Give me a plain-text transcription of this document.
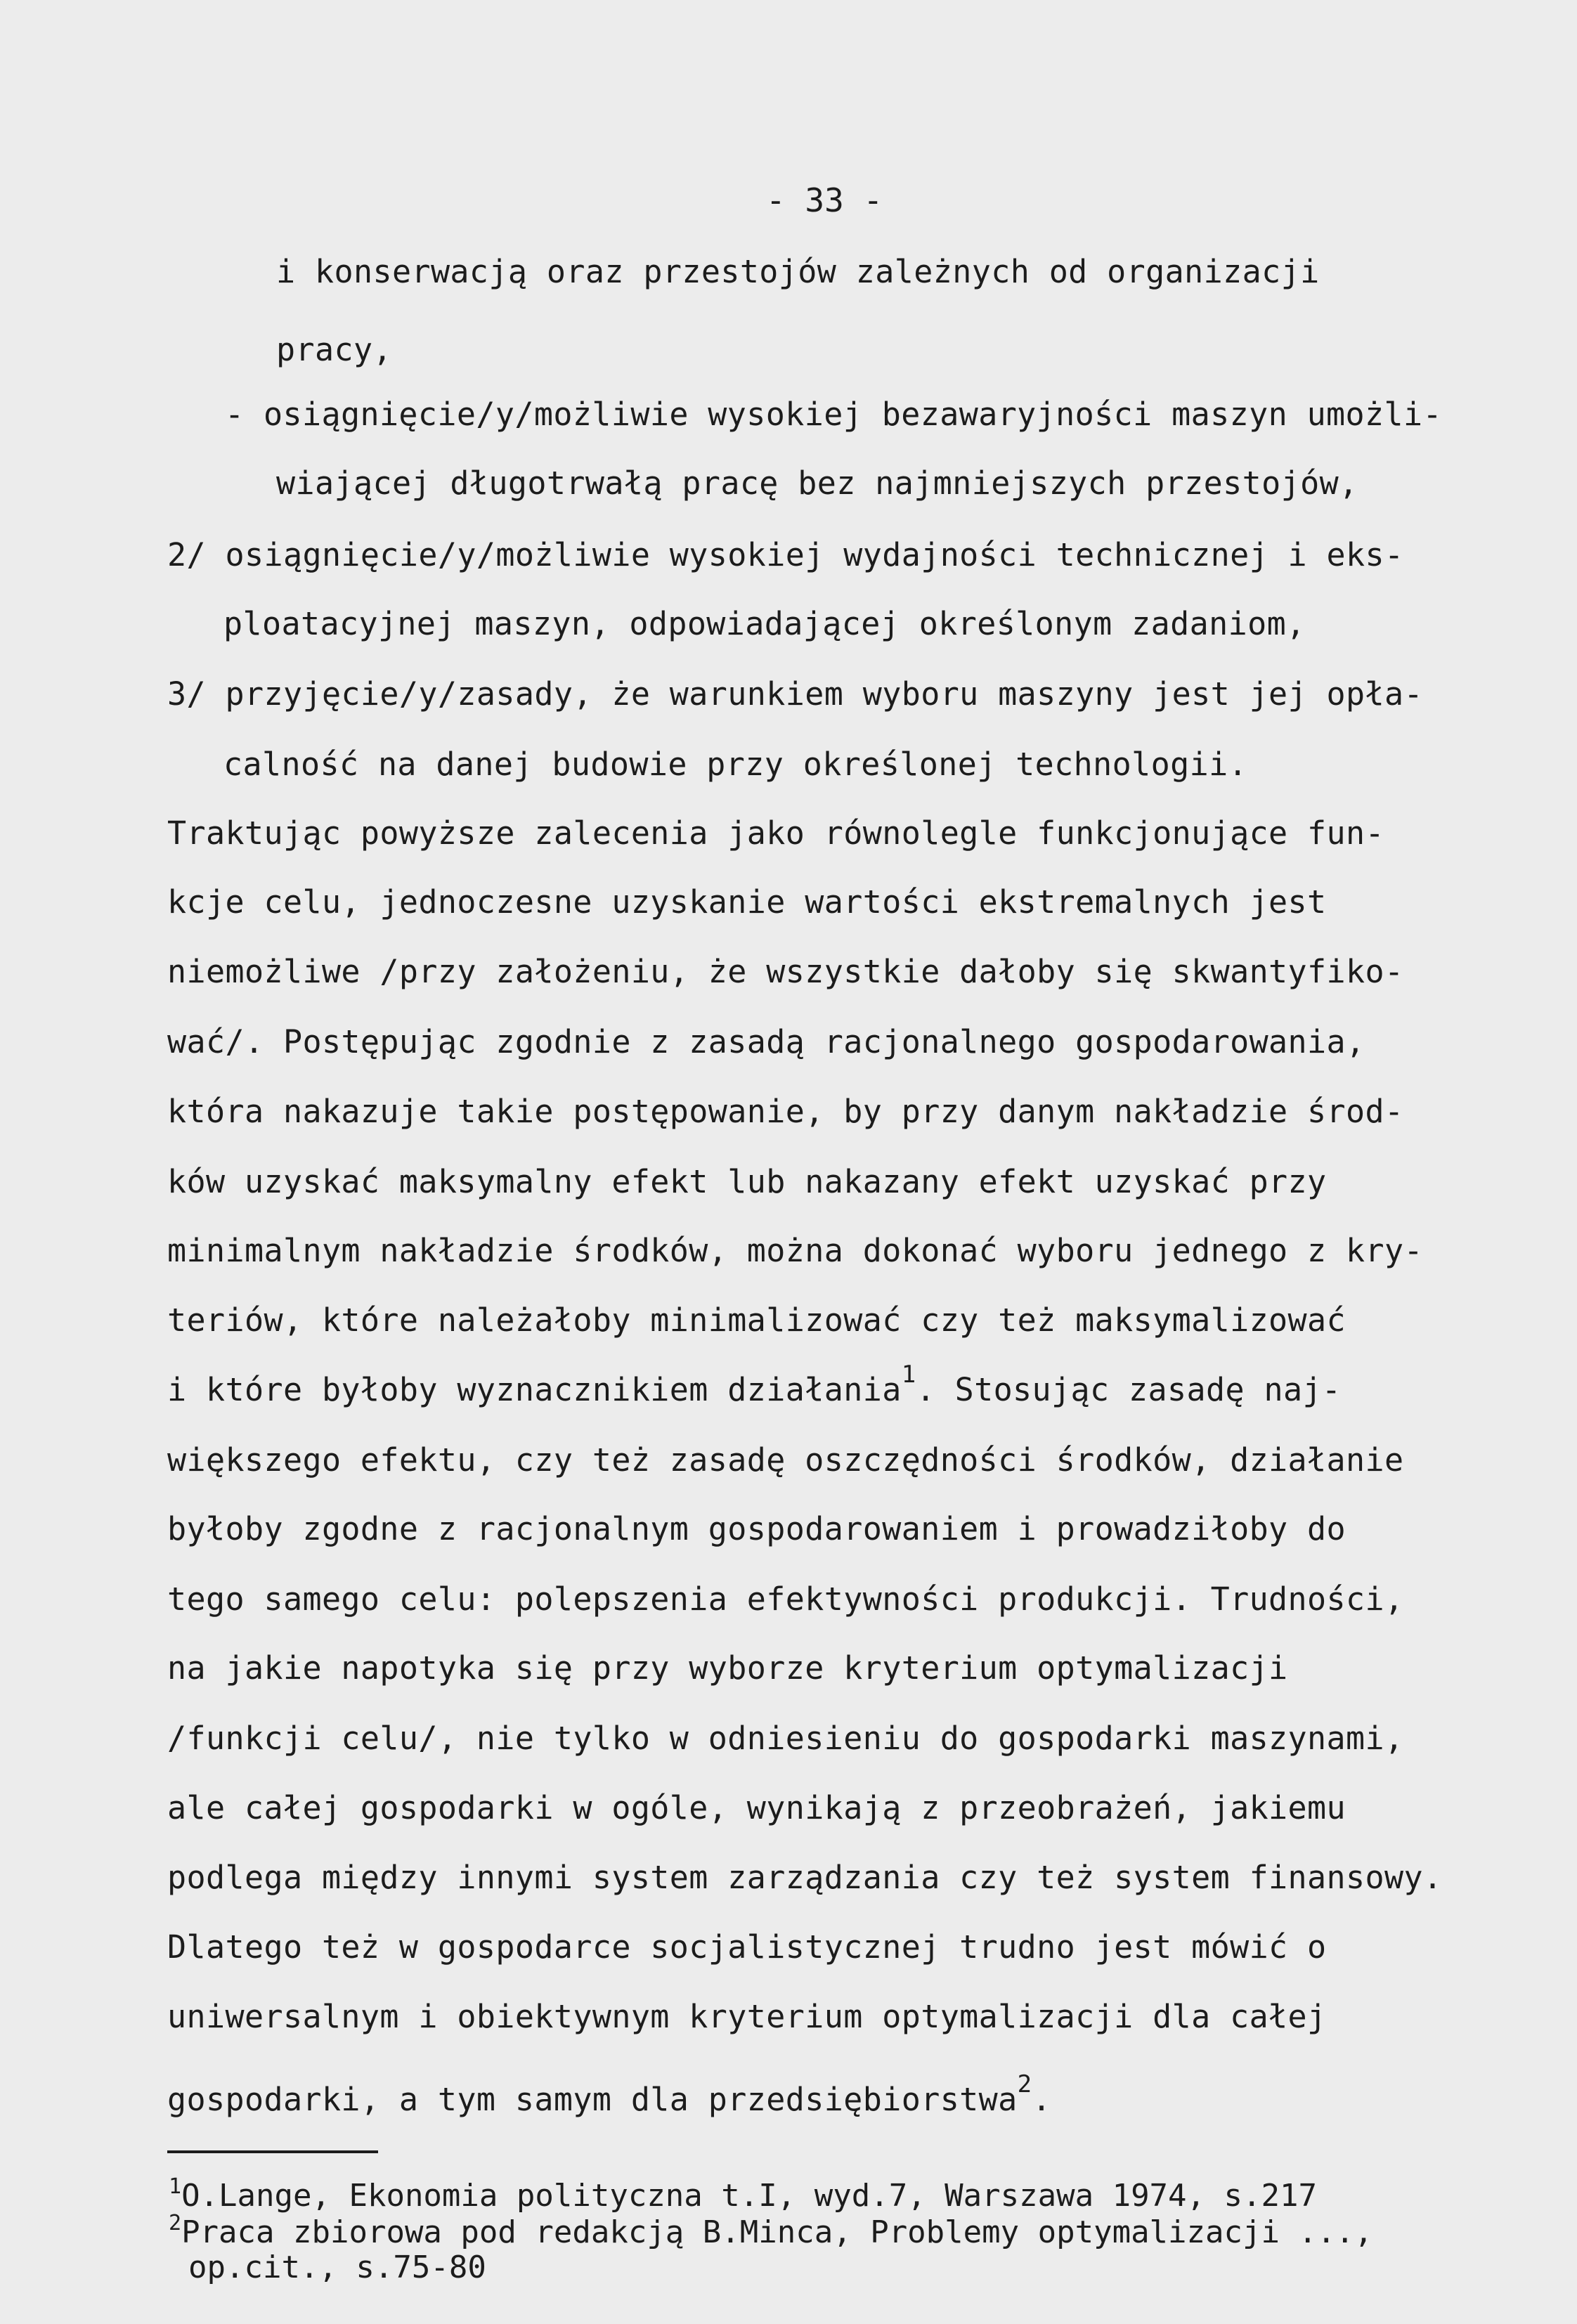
- 33 -
i konserwacją oraz przestojów zależnych od organizacji
pracy,
- osiągnięcie/y/możliwie wysokiej bezawaryjności maszyn umożli-
wiającej długotrwałą pracę bez najmniejszych przestojów,
2/ osiągnięcie/y/możliwie wysokiej wydajności technicznej i eks-
ploatacyjnej maszyn, odpowiadającej określonym zadaniom,
3/ przyjęcie/y/zasady, że warunkiem wyboru maszyny jest jej opła-
calność na danej budowie przy określonej technologii.
Traktując powyższe zalecenia jako równolegle funkcjonujące fun-
kcje celu, jednoczesne uzyskanie wartości ekstremalnych jest
niemożliwe /przy założeniu, że wszystkie dałoby się skwantyfiko-
wać/. Postępując zgodnie z zasadą racjonalnego gospodarowania,
która nakazuje takie postępowanie, by przy danym nakładzie środ-
ków uzyskać maksymalny efekt lub nakazany efekt uzyskać przy
minimalnym nakładzie środków, można dokonać wyboru jednego z kry-
teriów, które należałoby minimalizować czy też maksymalizować
i które byłoby wyznacznikiem działania$^1$. Stosując zasadę naj-
większego efektu, czy też zasadę oszczędności środków, działanie
byłoby zgodne z racjonalnym gospodarowaniem i prowadziłoby do
tego samego celu: polepszenia efektywności produkcji. Trudności,
na jakie napotyka się przy wyborze kryterium optymalizacji
/funkcji celu/, nie tylko w odniesieniu do gospodarki maszynami,
ale całej gospodarki w ogóle, wynikają z przeobrażeń, jakiemu
podlega między innymi system zarządzania czy też system finansowy.
Dlatego też w gospodarce socjalistycznej trudno jest mówić o
uniwersalnym i obiektywnym kryterium optymalizacji dla całej
gospodarki, a tym samym dla przedsiębiorstwa$^2$.
$^1$O.Lange, Ekonomia polityczna t.I, wyd.7, Warszawa 1974, s.217
$^2$Praca zbiorowa pod redakcją B.Minca, Problemy optymalizacji ...,
op.cit., s.75-80
